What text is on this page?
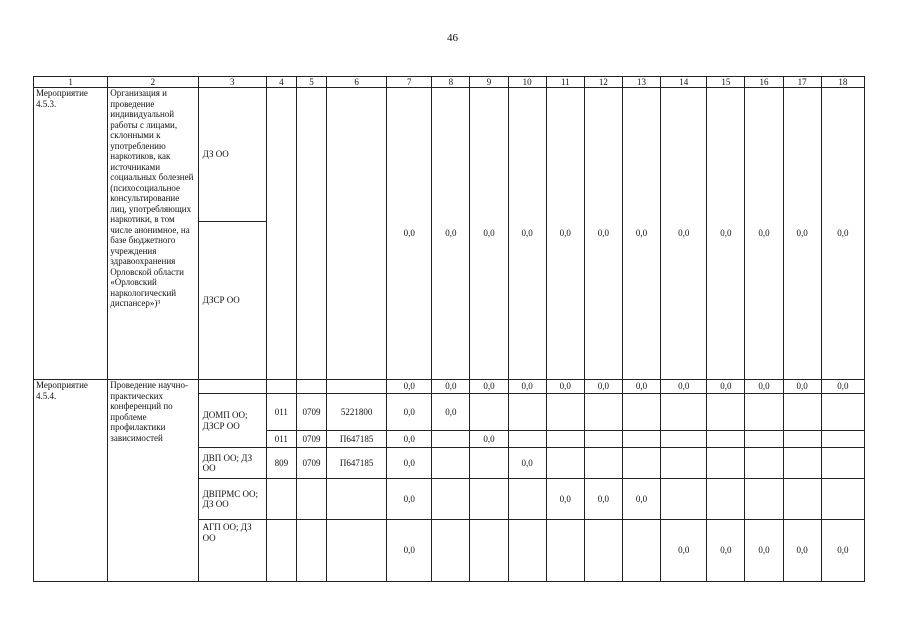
46
1	2	3	4	5	6	7	8	9	10	11	12	13	14	15	16	17	18
Мероприятие 4.5.3.	Организация и проведение индивидуальной работы с лицами, склонными к употреблению наркотиков, как источниками социальных болезней (психосоциальное консультирование лиц, употребляющих наркотики, в том числе анонимное, на базе бюджетного учреждения здравоохранения Орловской области «Орловский наркологический диспансер»)³	ДЗ ОО				0,0	0,0	0,0	0,0	0,0	0,0	0,0	0,0	0,0	0,0	0,0	0,0
		ДЗСР ОО															
Мероприятие 4.5.4.	Проведение научно-практических конференций по проблеме профилактики зависимостей					0,0	0,0	0,0	0,0	0,0	0,0	0,0	0,0	0,0	0,0	0,0	0,0
		ДОМП ОО; ДЗСР ОО	011	0709	5221800	0,0	0,0										
			011	0709	П647185	0,0		0,0									
		ДВП ОО; ДЗ ОО	809	0709	П647185	0,0			0,0								
		ДВПРМС ОО; ДЗ ОО				0,0				0,0	0,0	0,0					
		АГП ОО; ДЗ ОО				0,0							0,0	0,0	0,0	0,0	0,0
